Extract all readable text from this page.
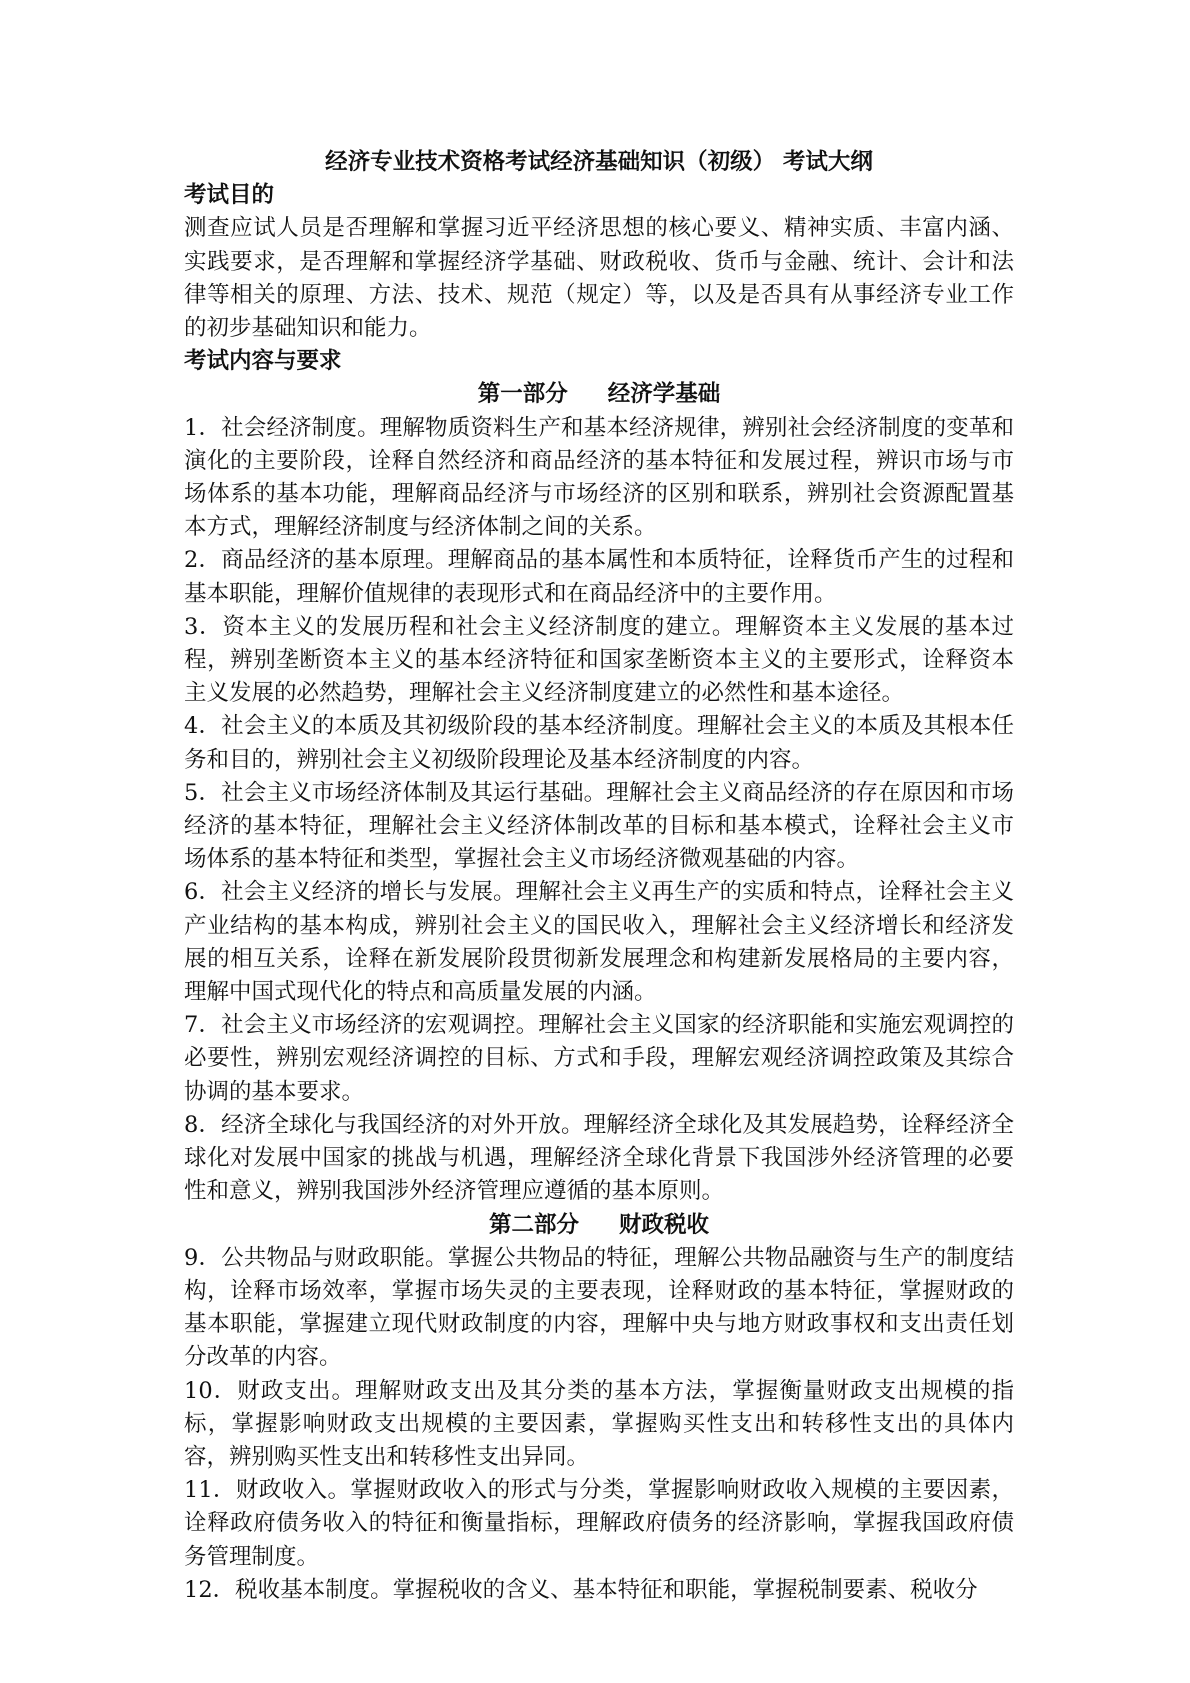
经济专业技术资格考试经济基础知识（初级） 考试大纲

考试目的

测查应试人员是否理解和掌握习近平经济思想的核心要义、精神实质、丰富内涵、实践要求，是否理解和掌握经济学基础、财政税收、货币与金融、统计、会计和法律等相关的原理、方法、技术、规范（规定）等，以及是否具有从事经济专业工作的初步基础知识和能力。

考试内容与要求

第一部分 经济学基础

1．社会经济制度。理解物质资料生产和基本经济规律，辨别社会经济制度的变革和演化的主要阶段，诠释自然经济和商品经济的基本特征和发展过程，辨识市场与市场体系的基本功能，理解商品经济与市场经济的区别和联系，辨别社会资源配置基本方式，理解经济制度与经济体制之间的关系。

2．商品经济的基本原理。理解商品的基本属性和本质特征，诠释货币产生的过程和基本职能，理解价值规律的表现形式和在商品经济中的主要作用。

3．资本主义的发展历程和社会主义经济制度的建立。理解资本主义发展的基本过程，辨别垄断资本主义的基本经济特征和国家垄断资本主义的主要形式，诠释资本主义发展的必然趋势，理解社会主义经济制度建立的必然性和基本途径。

4．社会主义的本质及其初级阶段的基本经济制度。理解社会主义的本质及其根本任务和目的，辨别社会主义初级阶段理论及基本经济制度的内容。

5．社会主义市场经济体制及其运行基础。理解社会主义商品经济的存在原因和市场经济的基本特征，理解社会主义经济体制改革的目标和基本模式，诠释社会主义市场体系的基本特征和类型，掌握社会主义市场经济微观基础的内容。

6．社会主义经济的增长与发展。理解社会主义再生产的实质和特点，诠释社会主义产业结构的基本构成，辨别社会主义的国民收入，理解社会主义经济增长和经济发展的相互关系，诠释在新发展阶段贯彻新发展理念和构建新发展格局的主要内容，理解中国式现代化的特点和高质量发展的内涵。

7．社会主义市场经济的宏观调控。理解社会主义国家的经济职能和实施宏观调控的必要性，辨别宏观经济调控的目标、方式和手段，理解宏观经济调控政策及其综合协调的基本要求。

8．经济全球化与我国经济的对外开放。理解经济全球化及其发展趋势，诠释经济全球化对发展中国家的挑战与机遇，理解经济全球化背景下我国涉外经济管理的必要性和意义，辨别我国涉外经济管理应遵循的基本原则。

第二部分 财政税收

9．公共物品与财政职能。掌握公共物品的特征，理解公共物品融资与生产的制度结构，诠释市场效率，掌握市场失灵的主要表现，诠释财政的基本特征，掌握财政的基本职能，掌握建立现代财政制度的内容，理解中央与地方财政事权和支出责任划分改革的内容。

10．财政支出。理解财政支出及其分类的基本方法，掌握衡量财政支出规模的指标，掌握影响财政支出规模的主要因素，掌握购买性支出和转移性支出的具体内容，辨别购买性支出和转移性支出异同。

11．财政收入。掌握财政收入的形式与分类，掌握影响财政收入规模的主要因素，诠释政府债务收入的特征和衡量指标，理解政府债务的经济影响，掌握我国政府债务管理制度。

12．税收基本制度。掌握税收的含义、基本特征和职能，掌握税制要素、税收分
